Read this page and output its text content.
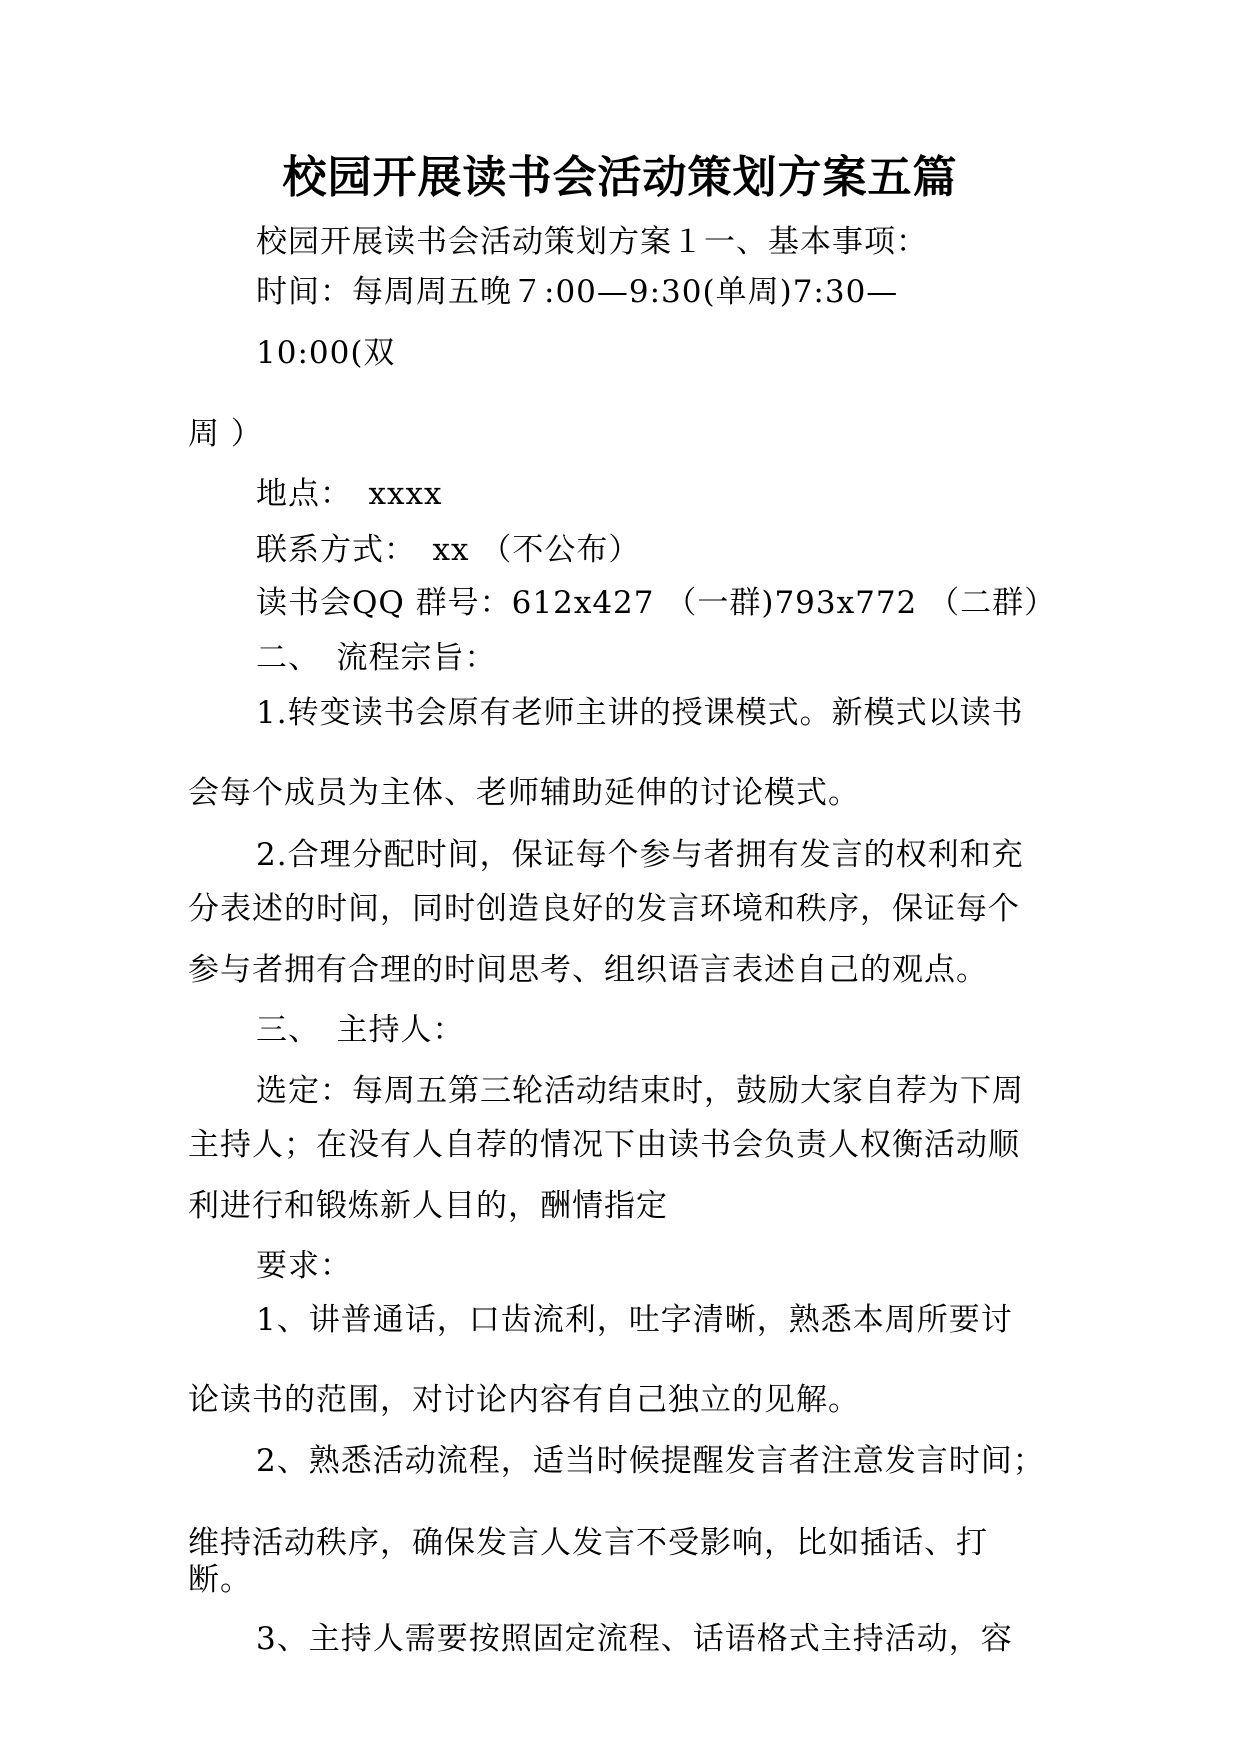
校园开展读书会活动策划方案五篇
校园开展读书会活动策划方案１一、基本事项：
时间：每周周五晚７:00—9:30(单周)7:30—
10:00(双
周 ）
地点：　xxxx
联系方式：　xx （不公布）
读书会QQ 群号：612x427 （一群)793x772 （二群）
二、　流程宗旨：
1.转变读书会原有老师主讲的授课模式。新模式以读书
会每个成员为主体、老师辅助延伸的讨论模式。
2.合理分配时间，保证每个参与者拥有发言的权利和充
分表述的时间，同时创造良好的发言环境和秩序，保证每个
参与者拥有合理的时间思考、组织语言表述自己的观点。
三、　主持人：
选定：每周五第三轮活动结束时，鼓励大家自荐为下周
主持人；在没有人自荐的情况下由读书会负责人权衡活动顺
利进行和锻炼新人目的，酬情指定
要求：
1、讲普通话，口齿流利，吐字清晰，熟悉本周所要讨
论读书的范围，对讨论内容有自己独立的见解。
2、熟悉活动流程，适当时候提醒发言者注意发言时间；
维持活动秩序，确保发言人发言不受影响，比如插话、打
断。
3、主持人需要按照固定流程、话语格式主持活动，容
